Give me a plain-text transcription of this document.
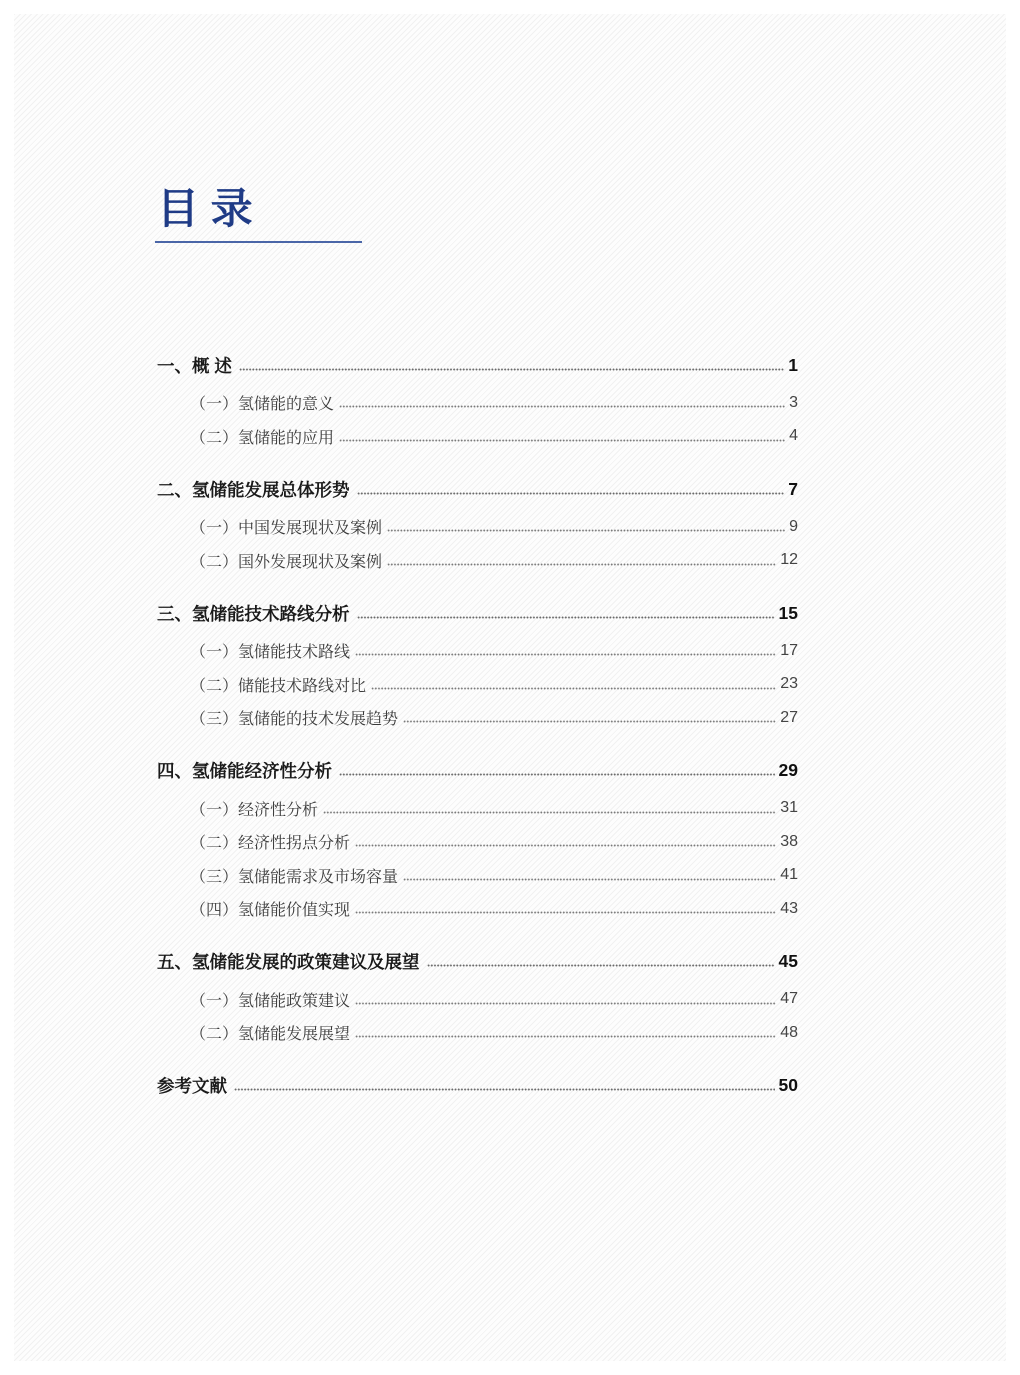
目 录
一、概 述	1
（一）氢储能的意义	3
（二）氢储能的应用	4
二、氢储能发展总体形势	7
（一）中国发展现状及案例	9
（二）国外发展现状及案例	12
三、氢储能技术路线分析	15
（一）氢储能技术路线	17
（二）储能技术路线对比	23
（三）氢储能的技术发展趋势	27
四、氢储能经济性分析	29
（一）经济性分析	31
（二）经济性拐点分析	38
（三）氢储能需求及市场容量	41
（四）氢储能价值实现	43
五、氢储能发展的政策建议及展望	45
（一）氢储能政策建议	47
（二）氢储能发展展望	48
参考文献	50
